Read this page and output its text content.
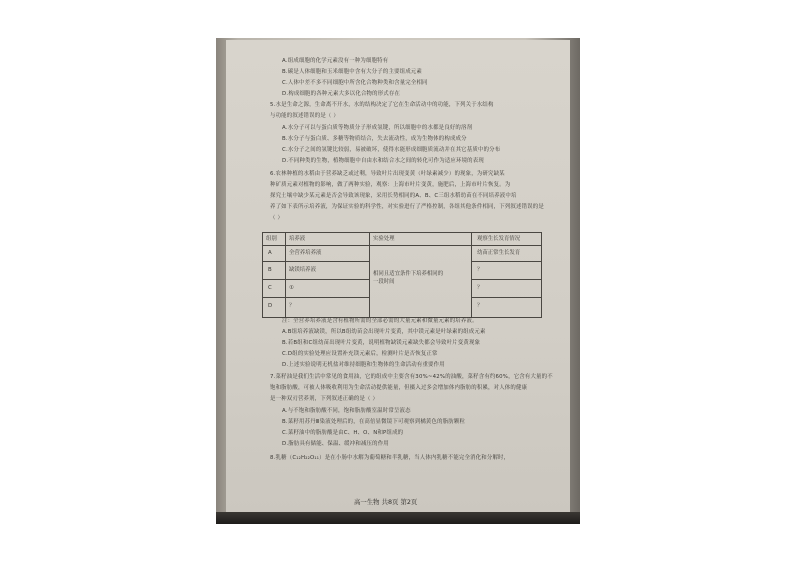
A.组成细胞的化学元素没有一种为细胞特有
B.碳是人体细胞和玉米细胞中含有大分子的主要组成元素
C.人体中差不多不同细胞中所含化合物种类和含量完全相同
D.构成细胞的各种元素大多以化合物的形式存在
5.水是生命之源，生命离不开水，水的结构决定了它在生命活动中的功能，下列关于水结构
与功能的叙述错误的是（ ）
A.水分子可以与蛋白质等物质分子形成氢键，所以细胞中的水都是良好的溶剂
B.水分子与蛋白质、多糖等物质结合，失去流动性，成为生物体的构成成分
C.水分子之间的氢键比较弱，易被破坏，使得水能形成细胞质流动并在其它基质中的分布
D.不同种类的生物，植物细胞中自由水和结合水之间的转化可作为适应环境的表现
6.农林种植的水稻由于营养缺乏或过剩，导致叶片出现变黄（叶绿素减少）的现象，为研究缺某
种矿质元素对植物的影响，做了两种实验，观察：上海市叶片变黄，施肥后，上海市叶片恢复。为
探究土壤中缺少某元素是否会导致该现象，采用长势相同的A、B、C三组水稻幼苗在不同培养液中培
养了如下表所示培养液，为保证实验的科学性，对实验进行了严格控制，各组其他条件相同，下列叙述错误的是
（ ）
组别 培养液	实验处理	观察生长发育情况
A	全营养培养液	幼苗正常生长发育
B	缺镁培养液	？
C	①	？
D	？	？
相同且适宜条件下培养相同的
一段时间
注：全营养培养液是含有植物所需的全部必需的大量元素和微量元素的培养液。
A.B组培养液缺镁，所以B组幼苗会出现叶片变黄，其中镁元素是叶绿素的组成元素
B.若B组和C组幼苗出现叶片变黄，说明植物缺镁元素缺失都会导致叶片变黄现象
C.D组的实验处理应设置补充镁元素后，检测叶片是否恢复正常
D.上述实验说明无机盐对维持细胞和生物体的生命活动有重要作用
7.菜籽油是我们生活中常见的食用油，它的组成中主要含有30%~42%的油酸，菜籽含有约60%，它含有大量的不
饱和脂肪酸，可被人体吸收利用为生命活动提供能量，但摄入过多会增加体内脂肪的积累，对人体的健康
是一种双刃营养剂，下列叙述正确的是（ ）
A.与不饱和脂肪酸不同，饱和脂肪酸室温时常呈液态
B.菜籽用苏丹Ⅲ染液处理后的，在高倍显微镜下可观察到橘黄色的脂肪颗粒
C.菜籽油中的脂肪酸是由C、H、O、N和P组成的
D.脂肪具有储能、保温、缓冲和减压的作用
8.乳糖（C₁₂H₂₂O₁₁）是在小肠中水解为葡萄糖和半乳糖，当人体内乳糖不能完全消化和分解时，
高一生物 共8页 第2页
